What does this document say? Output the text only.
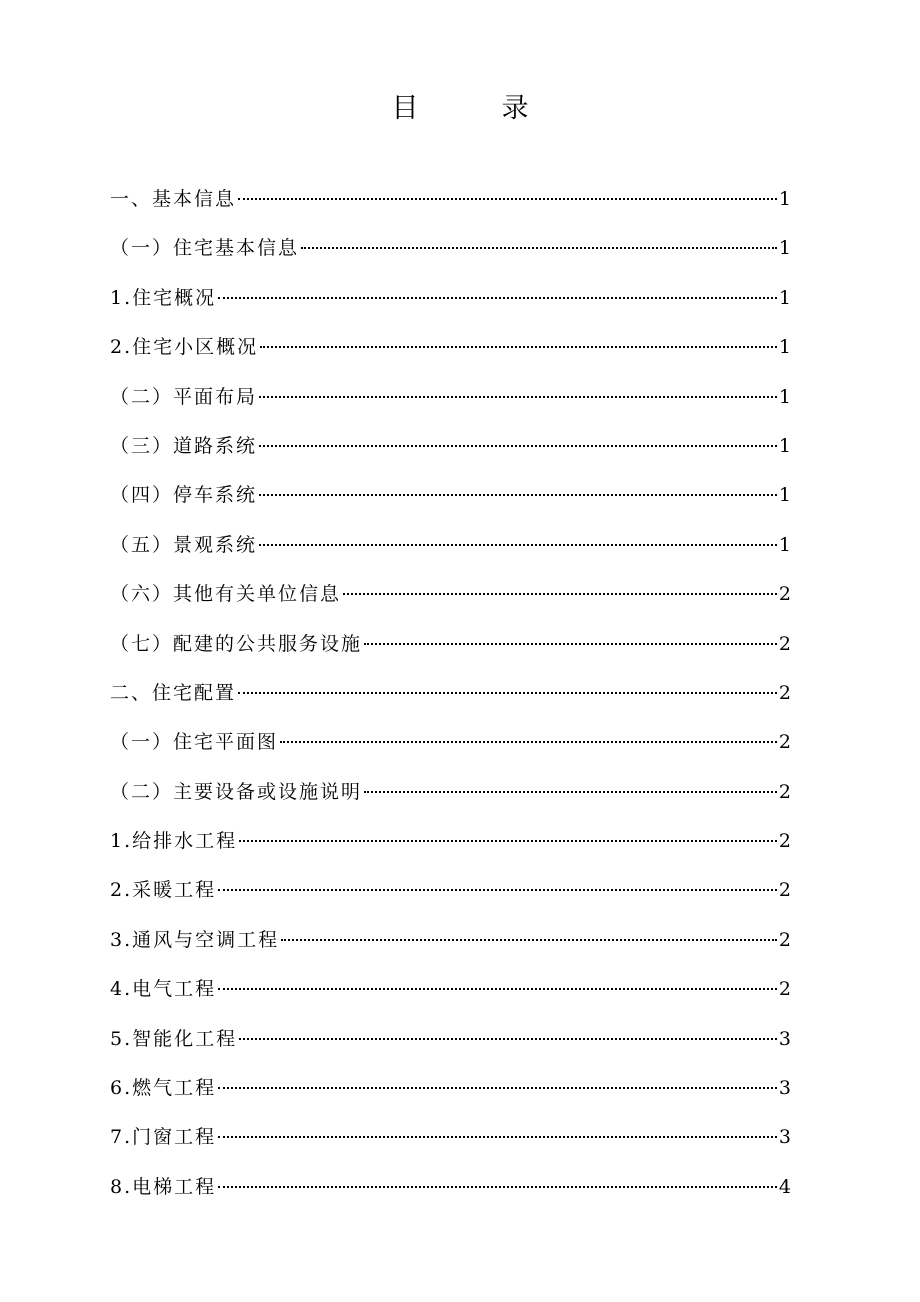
目　录
一、基本信息	1
（一）住宅基本信息	1
1.住宅概况	1
2.住宅小区概况	1
（二）平面布局	1
（三）道路系统	1
（四）停车系统	1
（五）景观系统	1
（六）其他有关单位信息	2
（七）配建的公共服务设施	2
二、住宅配置	2
（一）住宅平面图	2
（二）主要设备或设施说明	2
1.给排水工程	2
2.采暖工程	2
3.通风与空调工程	2
4.电气工程	2
5.智能化工程	3
6.燃气工程	3
7.门窗工程	3
8.电梯工程	4
